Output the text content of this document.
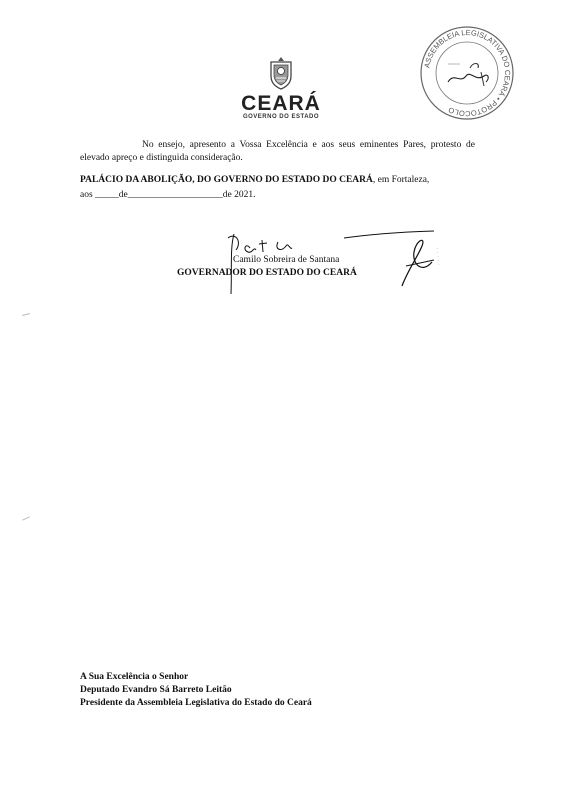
CEARÁ
GOVERNO DO ESTADO
ASSEMBLEIA LEGISLATIVA DO CEARÁ • PROTOCOLO
No ensejo, apresento a Vossa Excelência e aos seus eminentes Pares, protesto de elevado apreço e distinguida consideração.
PALÁCIO DA ABOLIÇÃO, DO GOVERNO DO ESTADO DO CEARÁ, em Fortaleza,
aos _____de____________________de 2021.
Camilo Sobreira de Santana
GOVERNADOR DO ESTADO DO CEARÁ
A Sua Excelência o Senhor
Deputado Evandro Sá Barreto Leitão
Presidente da Assembleia Legislativa do Estado do Ceará
